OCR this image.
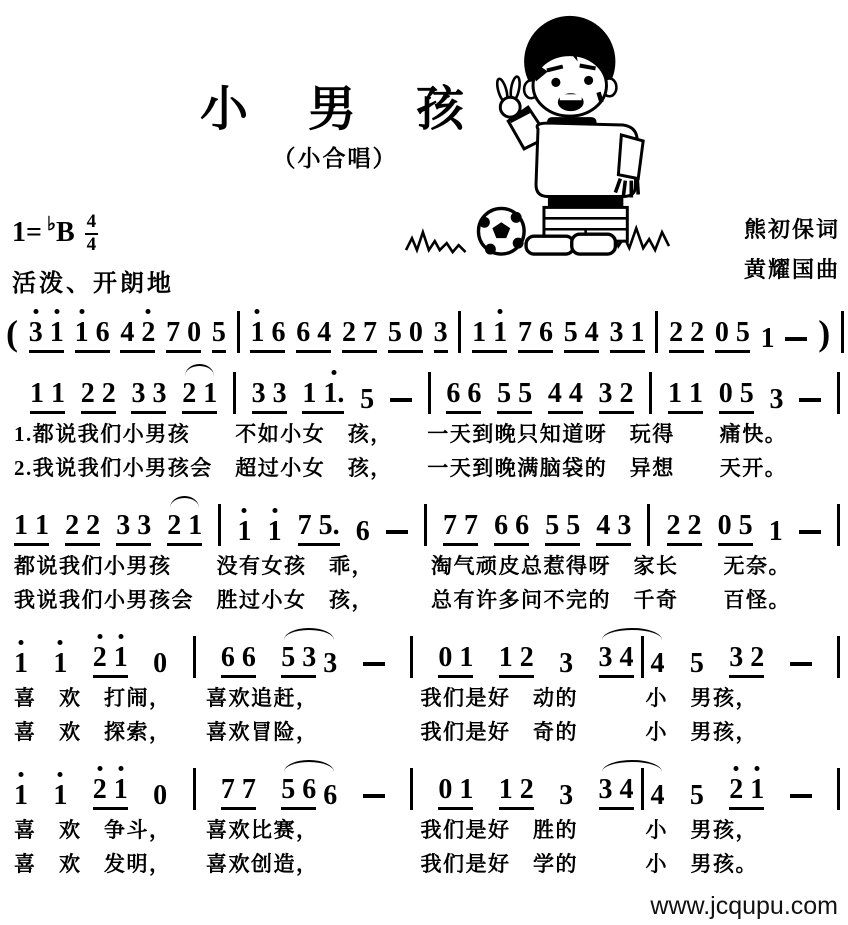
小　男　孩
（小合唱）
1= ♭ B $\frac{4}{4}$
活泼、开朗地
熊初保词
黄耀国曲
( 3 1 1 6 4 2 7 0 5 1 6 6 4 2 7 5 0 3 1 1 7 6 5 4 3 1 2 2 0 5 1 )
1 1 2 2 3 3 2 1 3 3 1 1. 5	6 6 5 5 4 4 3 2 1 1 0 5 3
1.都说我们小男孩　　不如小女　孩，　　一天到晚只知道呀　玩得　　痛快。
2.我说我们小男孩会　超过小女　孩，　　一天到晚满脑袋的　异想　　天开。
1 1 2 2 3 3 2 1 1 1 7 5. 6	7 7 6 6 5 5 4 3 2 2 0 5 1
都说我们小男孩　　没有女孩　乖，　　　淘气顽皮总惹得呀　家长　　无奈。
我说我们小男孩会　胜过小女　孩，　　　总有许多问不完的　千奇　　百怪。
1 1 2 1 0 6 6 5 3 3	0 1 1 2 3 3 4 4 5 3 2
喜　欢　打闹，　　喜欢追赶，　　　　　我们是好　动的　　　小　男孩，
喜　欢　探索，　　喜欢冒险，　　　　　我们是好　奇的　　　小　男孩，
1 1 2 1 0 7 7 5 6 6	0 1 1 2 3 3 4 4 5 2 1
喜　欢　争斗，　　喜欢比赛，　　　　　我们是好　胜的　　　小　男孩，
喜　欢　发明，　　喜欢创造，　　　　　我们是好　学的　　　小　男孩。
www.jcqupu.com
